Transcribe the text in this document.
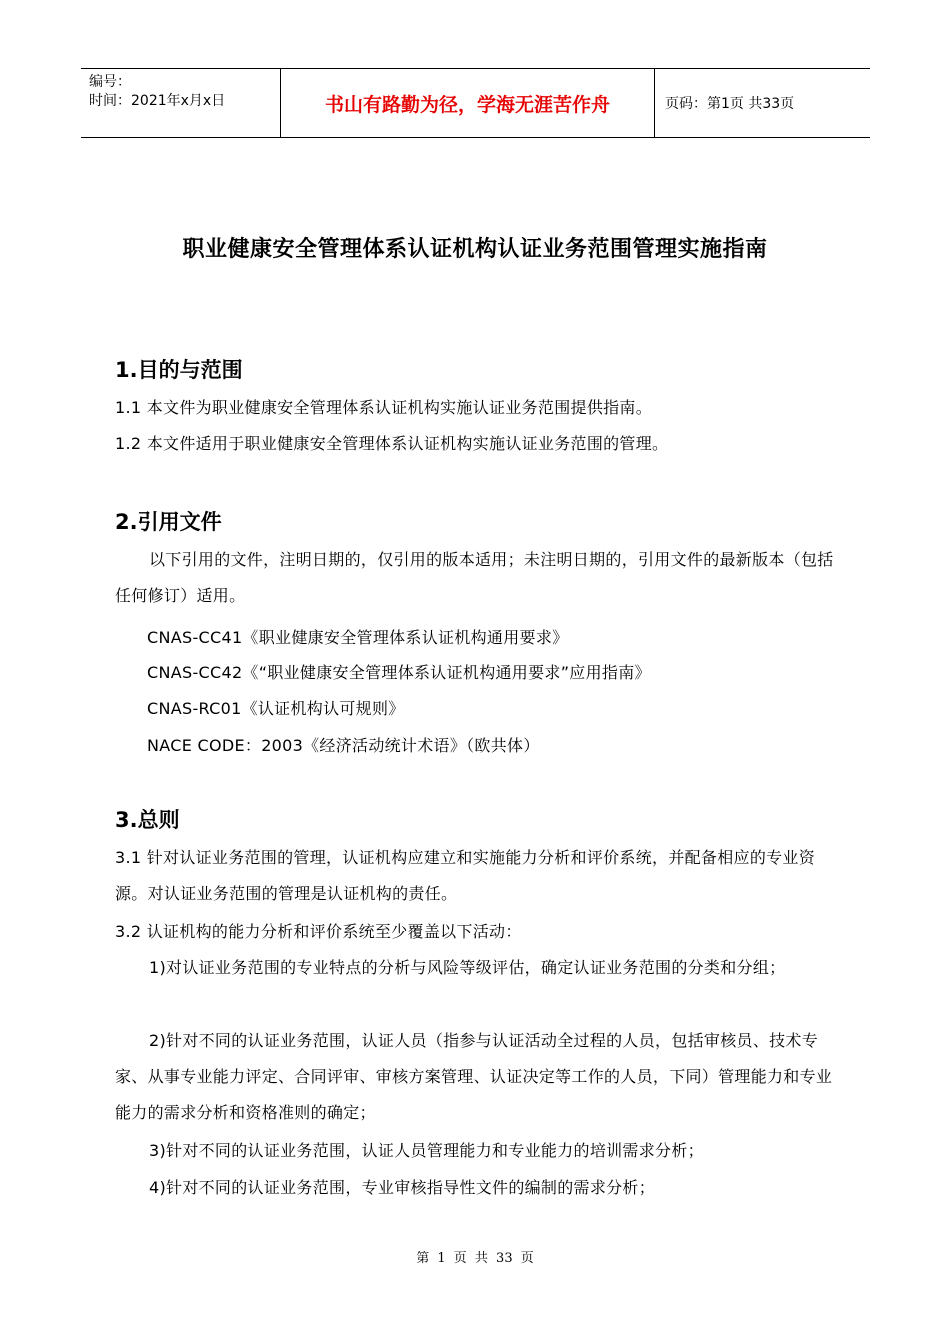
编号：
时间：2021年x月x日	书山有路勤为径，学海无涯苦作舟	页码：第1页 共33页
职业健康安全管理体系认证机构认证业务范围管理实施指南
1.目的与范围
1.1 本文件为职业健康安全管理体系认证机构实施认证业务范围提供指南。
1.2 本文件适用于职业健康安全管理体系认证机构实施认证业务范围的管理。
2.引用文件
以下引用的文件，注明日期的，仅引用的版本适用；未注明日期的，引用文件的最新版本（包括任何修订）适用。
CNAS-CC41《职业健康安全管理体系认证机构通用要求》
CNAS-CC42《“职业健康安全管理体系认证机构通用要求”应用指南》
CNAS-RC01《认证机构认可规则》
NACE CODE：2003《经济活动统计术语》（欧共体）
3.总则
3.1 针对认证业务范围的管理，认证机构应建立和实施能力分析和评价系统，并配备相应的专业资源。对认证业务范围的管理是认证机构的责任。
3.2 认证机构的能力分析和评价系统至少覆盖以下活动：
1)对认证业务范围的专业特点的分析与风险等级评估，确定认证业务范围的分类和分组；
2)针对不同的认证业务范围，认证人员（指参与认证活动全过程的人员，包括审核员、技术专家、从事专业能力评定、合同评审、审核方案管理、认证决定等工作的人员，下同）管理能力和专业能力的需求分析和资格准则的确定；
3)针对不同的认证业务范围，认证人员管理能力和专业能力的培训需求分析；
4)针对不同的认证业务范围，专业审核指导性文件的编制的需求分析；
第 1 页 共 33 页
